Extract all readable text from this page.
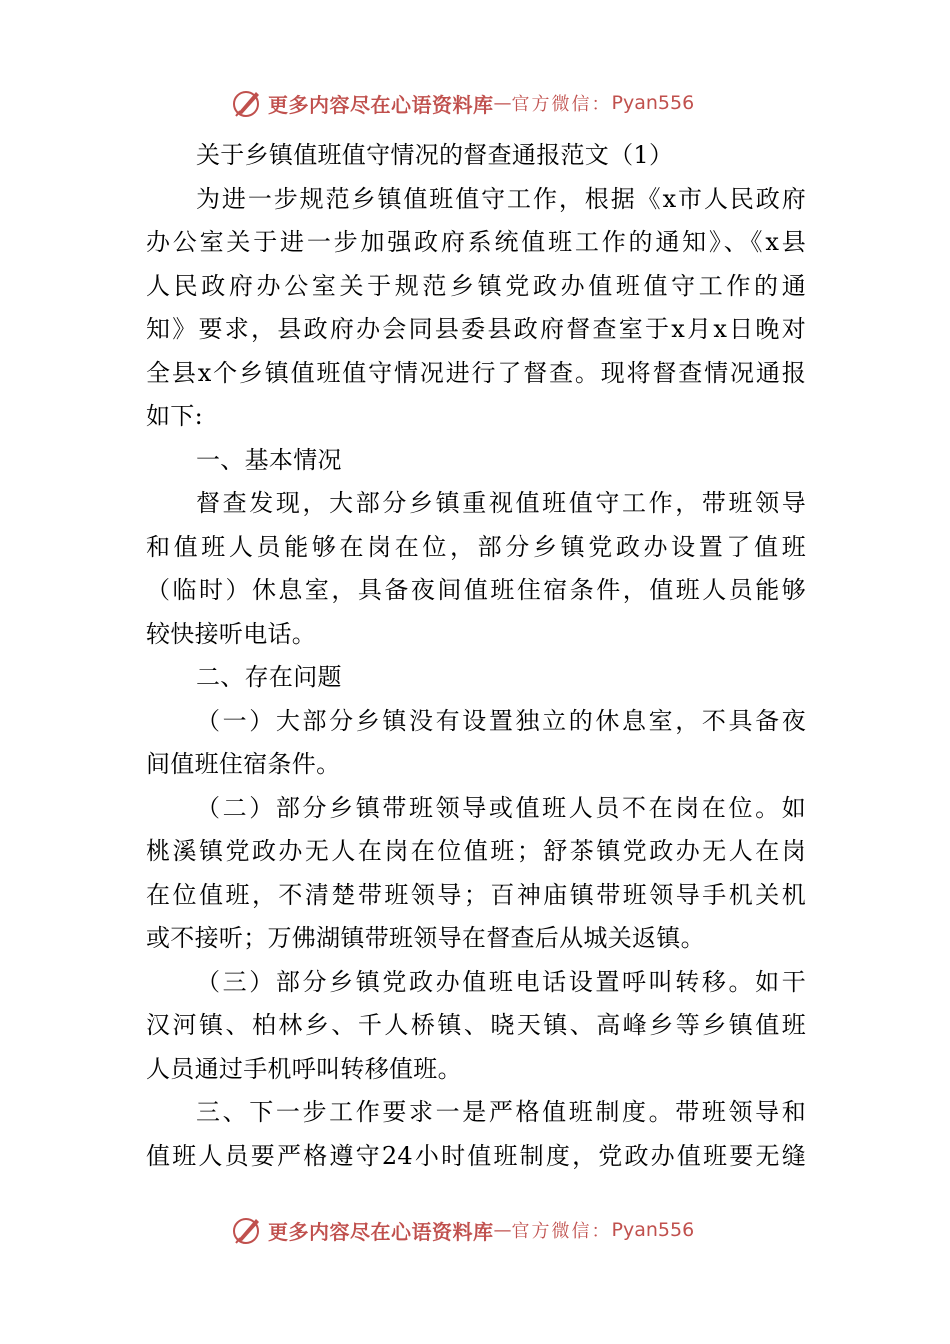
更多内容尽在心语资料库 — 官方微信： Pyan556
关于乡镇值班值守情况的督查通报范文（1）
为进一步规范乡镇值班值守工作，根据《x市人民政府
办公室关于进一步加强政府系统值班工作的通知》、《x县
人民政府办公室关于规范乡镇党政办值班值守工作的通
知》要求，县政府办会同县委县政府督查室于x月x日晚对
全县x个乡镇值班值守情况进行了督查。现将督查情况通报
如下:
一、基本情况
督查发现，大部分乡镇重视值班值守工作，带班领导
和值班人员能够在岗在位，部分乡镇党政办设置了值班
（临时）休息室，具备夜间值班住宿条件，值班人员能够
较快接听电话。
二、存在问题
（一）大部分乡镇没有设置独立的休息室，不具备夜
间值班住宿条件。
（二）部分乡镇带班领导或值班人员不在岗在位。如
桃溪镇党政办无人在岗在位值班；舒茶镇党政办无人在岗
在位值班，不清楚带班领导；百神庙镇带班领导手机关机
或不接听；万佛湖镇带班领导在督查后从城关返镇。
（三）部分乡镇党政办值班电话设置呼叫转移。如干
汉河镇、柏林乡、千人桥镇、晓天镇、高峰乡等乡镇值班
人员通过手机呼叫转移值班。
三、下一步工作要求一是严格值班制度。带班领导和
值班人员要严格遵守24小时值班制度，党政办值班要无缝
更多内容尽在心语资料库 — 官方微信： Pyan556
